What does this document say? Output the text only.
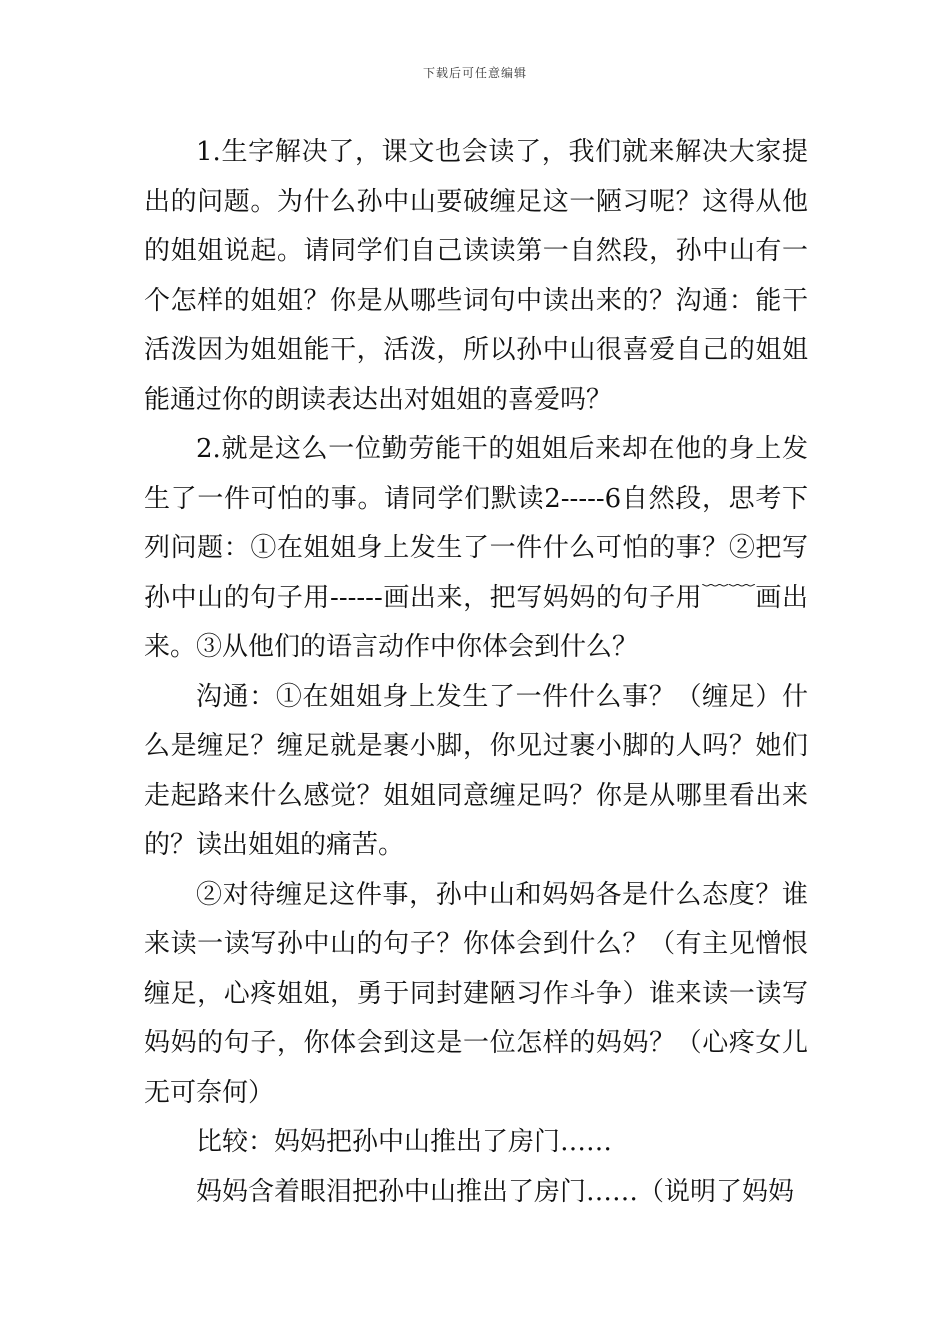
下载后可任意编辑

1.生字解决了，课文也会读了，我们就来解决大家提出的问题。为什么孙中山要破缠足这一陋习呢？这得从他的姐姐说起。请同学们自己读读第一自然段，孙中山有一个怎样的姐姐？你是从哪些词句中读出来的？沟通：能干活泼因为姐姐能干，活泼，所以孙中山很喜爱自己的姐姐能通过你的朗读表达出对姐姐的喜爱吗？

2.就是这么一位勤劳能干的姐姐后来却在他的身上发生了一件可怕的事。请同学们默读2-----6自然段，思考下列问题：①在姐姐身上发生了一件什么可怕的事？②把写孙中山的句子用------画出来，把写妈妈的句子用﹋﹋画出来。③从他们的语言动作中你体会到什么？

沟通：①在姐姐身上发生了一件什么事？（缠足）什么是缠足？缠足就是裹小脚，你见过裹小脚的人吗？她们走起路来什么感觉？姐姐同意缠足吗？你是从哪里看出来的？读出姐姐的痛苦。

②对待缠足这件事，孙中山和妈妈各是什么态度？谁来读一读写孙中山的句子？你体会到什么？（有主见憎恨缠足，心疼姐姐，勇于同封建陋习作斗争）谁来读一读写妈妈的句子，你体会到这是一位怎样的妈妈？（心疼女儿无可奈何）

比较：妈妈把孙中山推出了房门……

妈妈含着眼泪把孙中山推出了房门……（说明了妈妈
